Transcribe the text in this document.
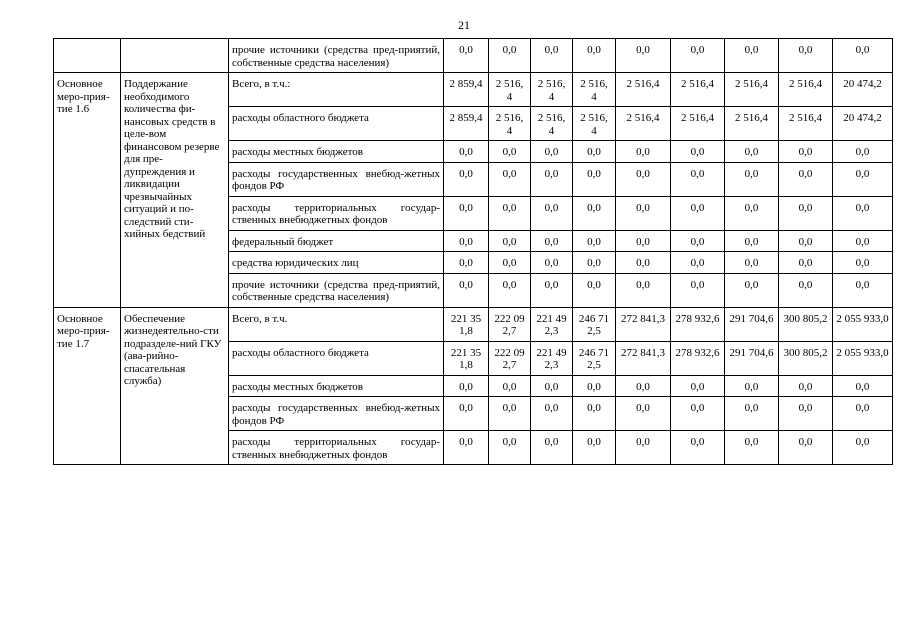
21
		прочие источники (средства пред-приятий, собственные средства населения)	0,0	0,0	0,0	0,0	0,0	0,0	0,0	0,0	0,0

Основное меро-прия-тие 1.6	Поддержание необходимого количества фи-нансовых средств в целе-вом финансовом резерве для пре-дупреждения и ликвидации чрезвычайных ситуаций и по-следствий сти-хийных бедствий	Всего, в т.ч.:	2 859,4	2 516, 4	2 516, 4	2 516, 4	2 516,4	2 516,4	2 516,4	2 516,4	20 474,2

		расходы областного бюджета	2 859,4	2 516, 4	2 516, 4	2 516, 4	2 516,4	2 516,4	2 516,4	2 516,4	20 474,2

		расходы местных бюджетов	0,0	0,0	0,0	0,0	0,0	0,0	0,0	0,0	0,0

		расходы государственных внебюд-жетных фондов РФ	0,0	0,0	0,0	0,0	0,0	0,0	0,0	0,0	0,0

		расходы территориальных государ-ственных внебюджетных фондов	0,0	0,0	0,0	0,0	0,0	0,0	0,0	0,0	0,0

		федеральный бюджет	0,0	0,0	0,0	0,0	0,0	0,0	0,0	0,0	0,0

		средства юридических лиц	0,0	0,0	0,0	0,0	0,0	0,0	0,0	0,0	0,0

		прочие источники (средства пред-приятий, собственные средства населения)	0,0	0,0	0,0	0,0	0,0	0,0	0,0	0,0	0,0

Основное меро-прия-тие 1.7	Обеспечение жизнедеятельно-сти подразделе-ний ГКУ (ава-рийно-спасательная служба)	Всего, в т.ч.	221 351,8	222 092,7	221 492,3	246 712,5	272 841,3	278 932,6	291 704,6	300 805,2	2 055 933,0

		расходы областного бюджета	221 351,8	222 092,7	221 492,3	246 712,5	272 841,3	278 932,6	291 704,6	300 805,2	2 055 933,0

		расходы местных бюджетов	0,0	0,0	0,0	0,0	0,0	0,0	0,0	0,0	0,0

		расходы государственных внебюд-жетных фондов РФ	0,0	0,0	0,0	0,0	0,0	0,0	0,0	0,0	0,0

		расходы территориальных государ-ственных внебюджетных фондов	0,0	0,0	0,0	0,0	0,0	0,0	0,0	0,0	0,0
